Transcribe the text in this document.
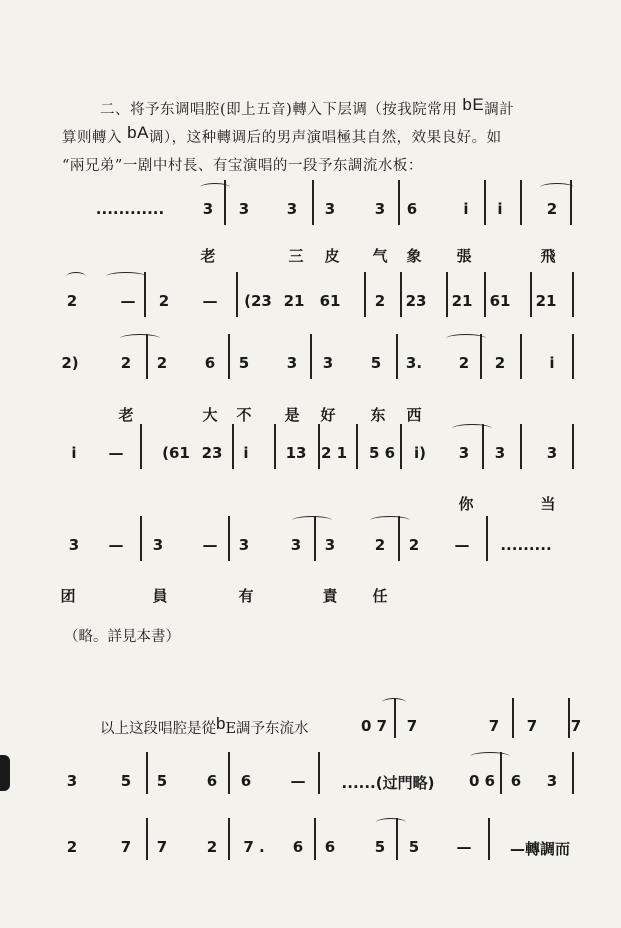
二、将予东调唱腔(即上五音)轉入下层调（按我院常用 bE調計
算则轉入 bA调），这种轉调后的男声演唱極其自然，效果良好。如
“兩兄弟”一剧中村長、有宝演唱的一段予东調流水板：
............	3 3	3 3	3 6	i i	2
老	三 皮 气 象 張	飛
2	— 2 — (23 21 61 2 23 21 61 21
2)	2 2	6 5	3 3	5 3. 2 2	i
老	大 不 是 好 东 西
i —	(61 23 i 13 2 1 5 6 i) 3 3	3
你	当
3 — 3	— 3	3 3	2 2 — .........
团	員	有	責 任
0 7 7	7 7 7
3	5 5	6 6	— ......(过門略) 0 6 6 3
2	7 7	2 7 . 6 6	5 5 —	—轉調而
（略。詳見本書）
以上这段唱腔是從bE調予东流水
